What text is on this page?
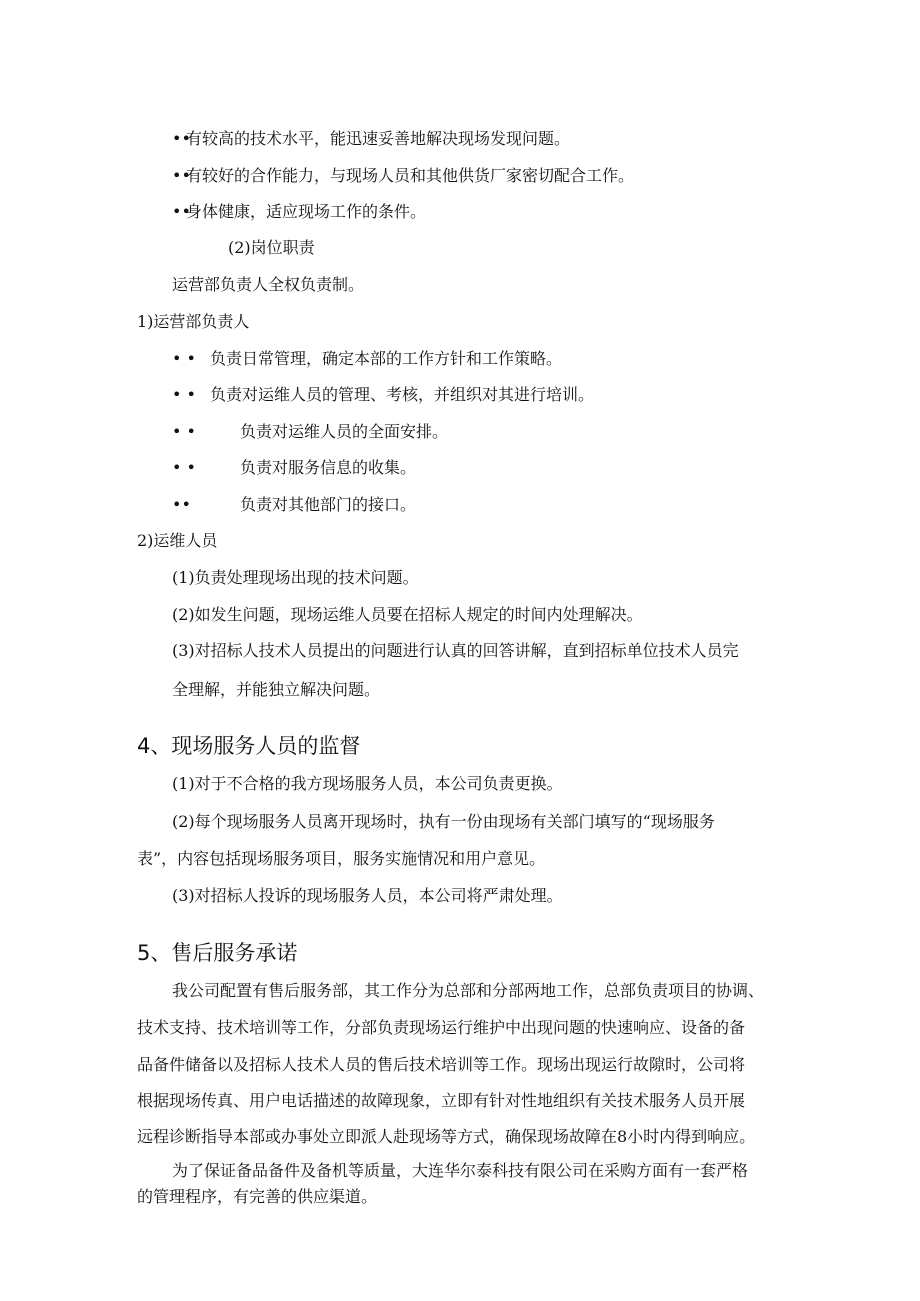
••有较高的技术水平，能迅速妥善地解决现场发现问题。
••有较好的合作能力，与现场人员和其他供货厂家密切配合工作。
••身体健康，适应现场工作的条件。
(2)岗位职责
运营部负责人全权负责制。
1)运营部负责人
• • 负责日常管理，确定本部的工作方针和工作策略。
• • 负责对运维人员的管理、考核，并组织对其进行培训。
• •	负责对运维人员的全面安排。
• •	负责对服务信息的收集。
••	负责对其他部门的接口。
2)运维人员
(1)负责处理现场出现的技术问题。
(2)如发生问题，现场运维人员要在招标人规定的时间内处理解决。
(3)对招标人技术人员提出的问题进行认真的回答讲解，直到招标单位技术人员完
全理解，并能独立解决问题。
4、现场服务人员的监督
(1)对于不合格的我方现场服务人员，本公司负责更换。
(2)每个现场服务人员离开现场时，执有一份由现场有关部门填写的“现场服务
表”，内容包括现场服务项目，服务实施情况和用户意见。
(3)对招标人投诉的现场服务人员，本公司将严肃处理。
5、售后服务承诺
我公司配置有售后服务部，其工作分为总部和分部两地工作，总部负责项目的协调、
技术支持、技术培训等工作，分部负责现场运行维护中出现问题的快速响应、设备的备
品备件储备以及招标人技术人员的售后技术培训等工作。现场出现运行故隙时，公司将
根据现场传真、用户电话描述的故障现象，立即有针对性地组织有关技术服务人员开展
远程诊断指导本部或办事处立即派人赴现场等方式，确保现场故障在8小时内得到响应。
为了保证备品备件及备机等质量，大连华尔泰科技有限公司在采购方面有一套严格
的管理程序，有完善的供应渠道。
